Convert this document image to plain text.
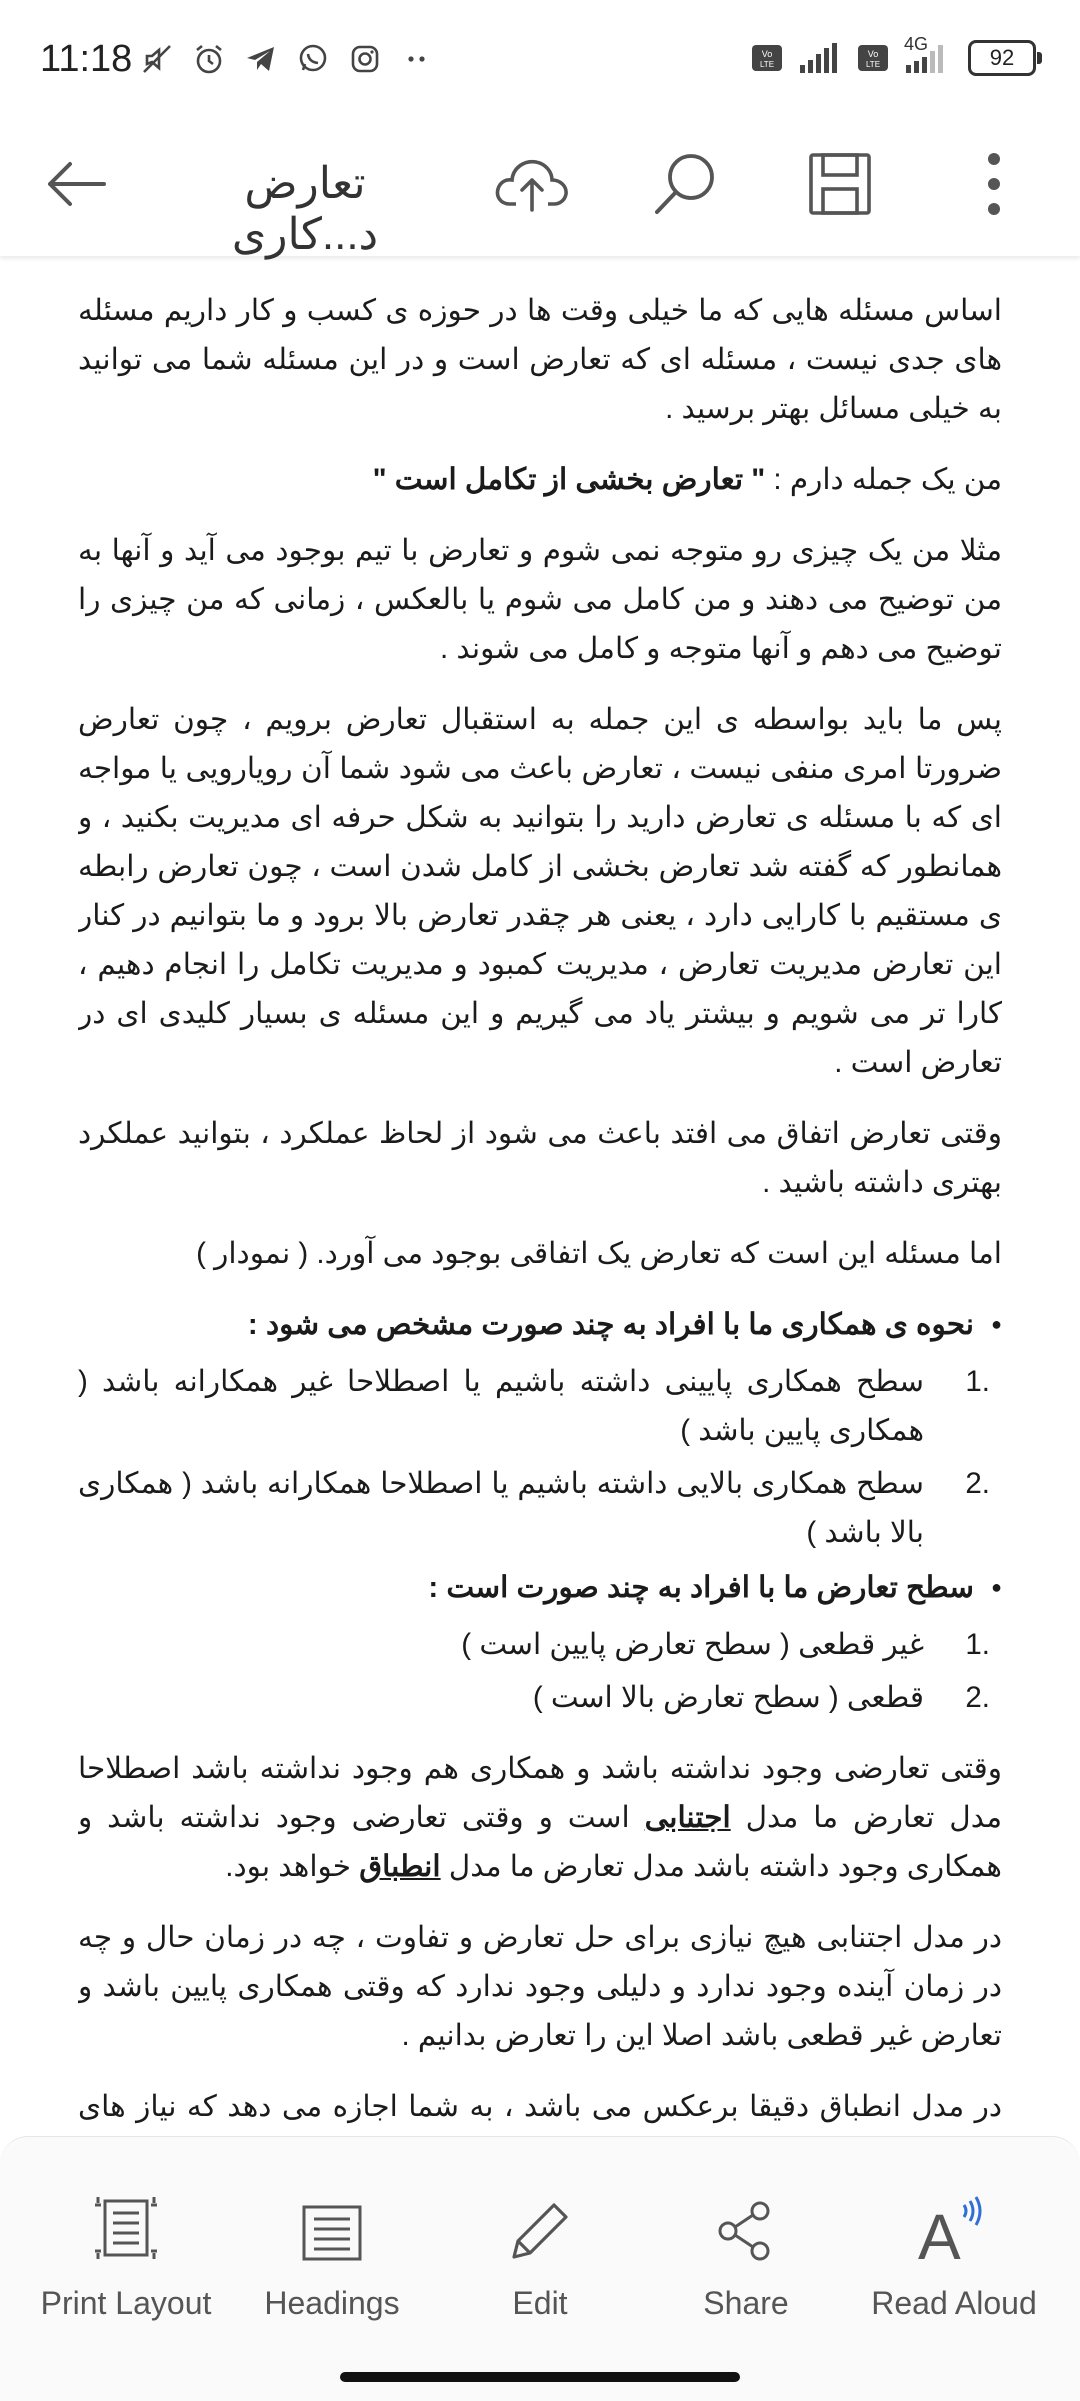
11:18	Vo
LTE
Vo
LTE
4G
92
تعارض د...کاری

اساس مسئله هایی که ما خیلی وقت ها در حوزه ی کسب و کار داریم مسئله های جدی نیست ، مسئله ای که تعارض است و در این مسئله شما می توانید به خیلی مسائل بهتر برسید .

من یک جمله دارم : " تعارض بخشی از تکامل است "

مثلا من یک چیزی رو متوجه نمی شوم و تعارض با تیم بوجود می آید و آنها به من توضیح می دهند و من کامل می شوم یا بالعکس ، زمانی که من چیزی را توضیح می دهم و آنها متوجه و کامل می شوند .

پس ما باید بواسطه ی این جمله به استقبال تعارض برویم ، چون تعارض ضرورتا امری منفی نیست ، تعارض باعث می شود شما آن رویارویی یا مواجه ای که با مسئله ی تعارض دارید را بتوانید به شکل حرفه ای مدیریت بکنید ، و همانطور که گفته شد تعارض بخشی از کامل شدن است ، چون تعارض رابطه ی مستقیم با کارایی دارد ، یعنی هر چقدر تعارض بالا برود و ما بتوانیم در کنار این تعارض مدیریت تعارض ، مدیریت کمبود و مدیریت تکامل را انجام دهیم ، کارا تر می شویم و بیشتر یاد می گیریم و این مسئله ی بسیار کلیدی ای در تعارض است .

وقتی تعارض اتفاق می افتد باعث می شود از لحاظ عملکرد ، بتوانید عملکرد بهتری داشته باشید .

اما مسئله این است که تعارض یک اتفاقی بوجود می آورد. ( نمودار )

● نحوه ی همکاری ما با افراد به چند صورت مشخص می شود :
1.
سطح همکاری پایینی داشته باشیم یا اصطلاحا غیر همکارانه باشد ( همکاری پایین باشد )
2.
سطح همکاری بالایی داشته باشیم یا اصطلاحا همکارانه باشد ( همکاری بالا باشد )
● سطح تعارض ما با افراد به چند صورت است :
1.
غیر قطعی ( سطح تعارض پایین است )
2.
قطعی ( سطح تعارض بالا است )

وقتی تعارضی وجود نداشته باشد و همکاری هم وجود نداشته باشد اصطلاحا مدل تعارض ما مدل اجتنابی است و وقتی تعارضی وجود نداشته باشد و همکاری وجود داشته باشد مدل تعارض ما مدل انطباق خواهد بود.

در مدل اجتنابی هیچ نیازی برای حل تعارض و تفاوت ، چه در زمان حال و چه در زمان آینده وجود ندارد و دلیلی وجود ندارد که وقتی همکاری پایین باشد و تعارض غیر قطعی باشد اصلا این را تعارض بدانیم .

در مدل انطباق دقیقا برعکس می باشد ، به شما اجازه می دهد که نیاز های

Print Layout	Headings	Edit	Share
A
Read Aloud
